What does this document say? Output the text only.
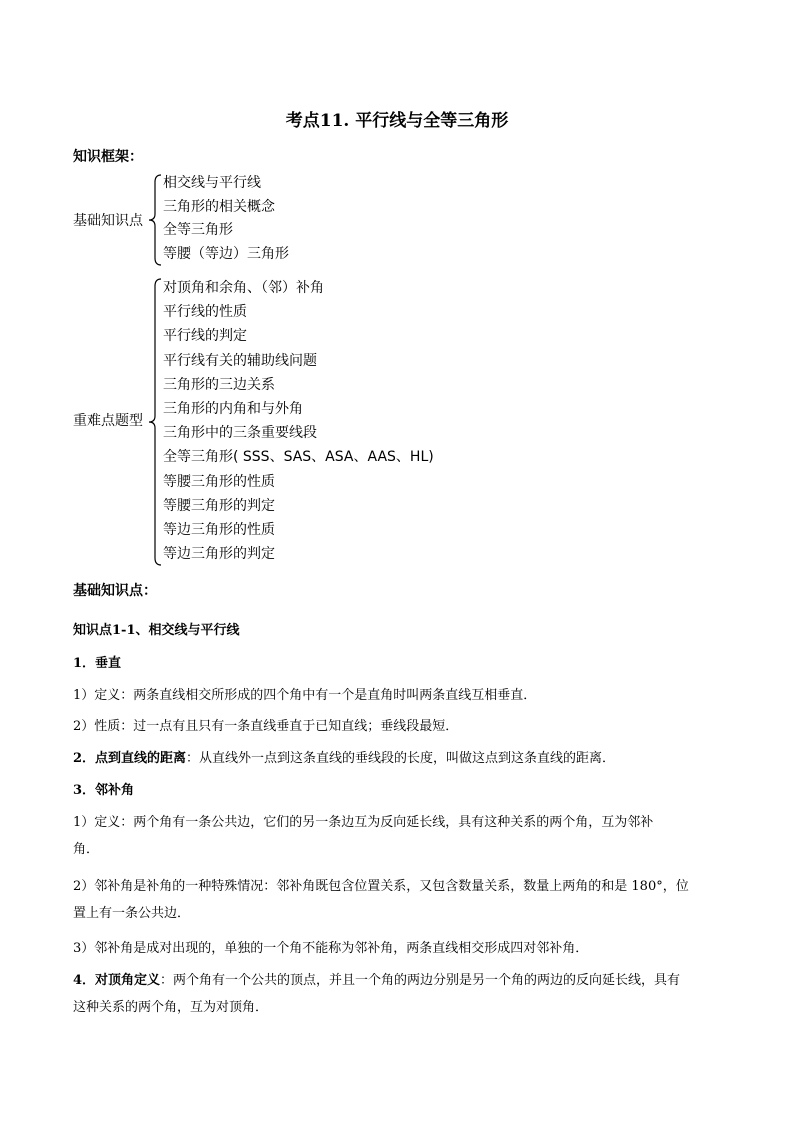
考点11. 平行线与全等三角形
知识框架：
基础知识点
相交线与平行线
三角形的相关概念
全等三角形
等腰（等边）三角形
重难点题型
对顶角和余角、（邻）补角
平行线的性质
平行线的判定
平行线有关的辅助线问题
三角形的三边关系
三角形的内角和与外角
三角形中的三条重要线段
全等三角形( SSS、SAS、ASA、AAS、HL)
等腰三角形的性质
等腰三角形的判定
等边三角形的性质
等边三角形的判定
基础知识点：

知识点1-1、相交线与平行线

1．垂直

1）定义：两条直线相交所形成的四个角中有一个是直角时叫两条直线互相垂直．

2）性质：过一点有且只有一条直线垂直于已知直线；垂线段最短．

2．点到直线的距离：从直线外一点到这条直线的垂线段的长度，叫做这点到这条直线的距离．

3．邻补角

1）定义：两个角有一条公共边，它们的另一条边互为反向延长线，具有这种关系的两个角，互为邻补
角．

2）邻补角是补角的一种特殊情况：邻补角既包含位置关系，又包含数量关系，数量上两角的和是 180°，位
置上有一条公共边．

3）邻补角是成对出现的，单独的一个角不能称为邻补角，两条直线相交形成四对邻补角．

4．对顶角定义：两个角有一个公共的顶点，并且一个角的两边分别是另一个角的两边的反向延长线，具有
这种关系的两个角，互为对顶角．
